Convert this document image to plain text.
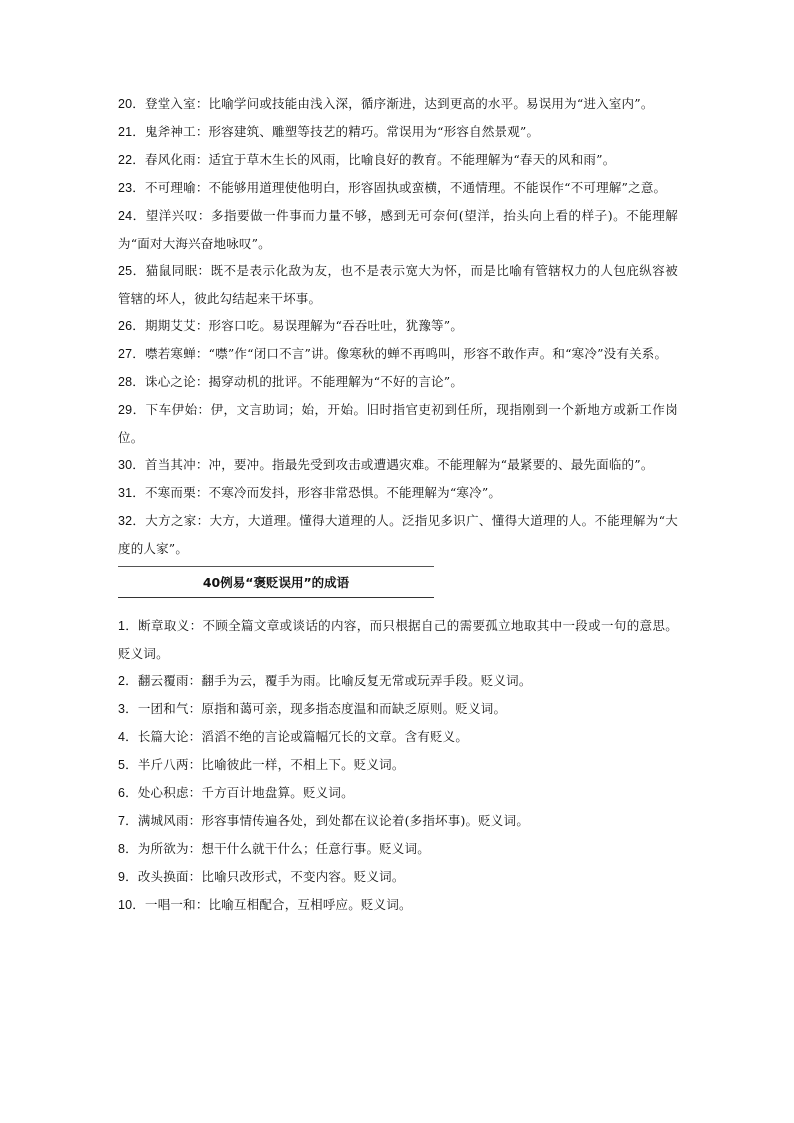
20．登堂入室：比喻学问或技能由浅入深，循序渐进，达到更高的水平。易误用为“进入室内”。

21．鬼斧神工：形容建筑、雕塑等技艺的精巧。常误用为“形容自然景观”。

22．春风化雨：适宜于草木生长的风雨，比喻良好的教育。不能理解为“春天的风和雨”。

23．不可理喻：不能够用道理使他明白，形容固执或蛮横，不通情理。不能误作“不可理解”之意。

24．望洋兴叹：多指要做一件事而力量不够，感到无可奈何(望洋，抬头向上看的样子)。不能理解为“面对大海兴奋地咏叹”。

25．猫鼠同眠：既不是表示化敌为友，也不是表示宽大为怀，而是比喻有管辖权力的人包庇纵容被管辖的坏人，彼此勾结起来干坏事。

26．期期艾艾：形容口吃。易误理解为“吞吞吐吐，犹豫等”。

27．噤若寒蝉：“噤”作“闭口不言”讲。像寒秋的蝉不再鸣叫，形容不敢作声。和“寒冷”没有关系。

28．诛心之论：揭穿动机的批评。不能理解为“不好的言论”。

29．下车伊始：伊，文言助词；始，开始。旧时指官吏初到任所，现指刚到一个新地方或新工作岗位。

30．首当其冲：冲，要冲。指最先受到攻击或遭遇灾难。不能理解为“最紧要的、最先面临的”。

31．不寒而栗：不寒冷而发抖，形容非常恐惧。不能理解为“寒冷”。

32．大方之家：大方，大道理。懂得大道理的人。泛指见多识广、懂得大道理的人。不能理解为“大度的人家”。

40例易“褒贬误用”的成语

1．断章取义：不顾全篇文章或谈话的内容，而只根据自己的需要孤立地取其中一段或一句的意思。贬义词。

2．翻云覆雨：翻手为云，覆手为雨。比喻反复无常或玩弄手段。贬义词。

3．一团和气：原指和蔼可亲，现多指态度温和而缺乏原则。贬义词。

4．长篇大论：滔滔不绝的言论或篇幅冗长的文章。含有贬义。

5．半斤八两：比喻彼此一样，不相上下。贬义词。

6．处心积虑：千方百计地盘算。贬义词。

7．满城风雨：形容事情传遍各处，到处都在议论着(多指坏事)。贬义词。

8．为所欲为：想干什么就干什么；任意行事。贬义词。

9．改头换面：比喻只改形式，不变内容。贬义词。

10．一唱一和：比喻互相配合，互相呼应。贬义词。
